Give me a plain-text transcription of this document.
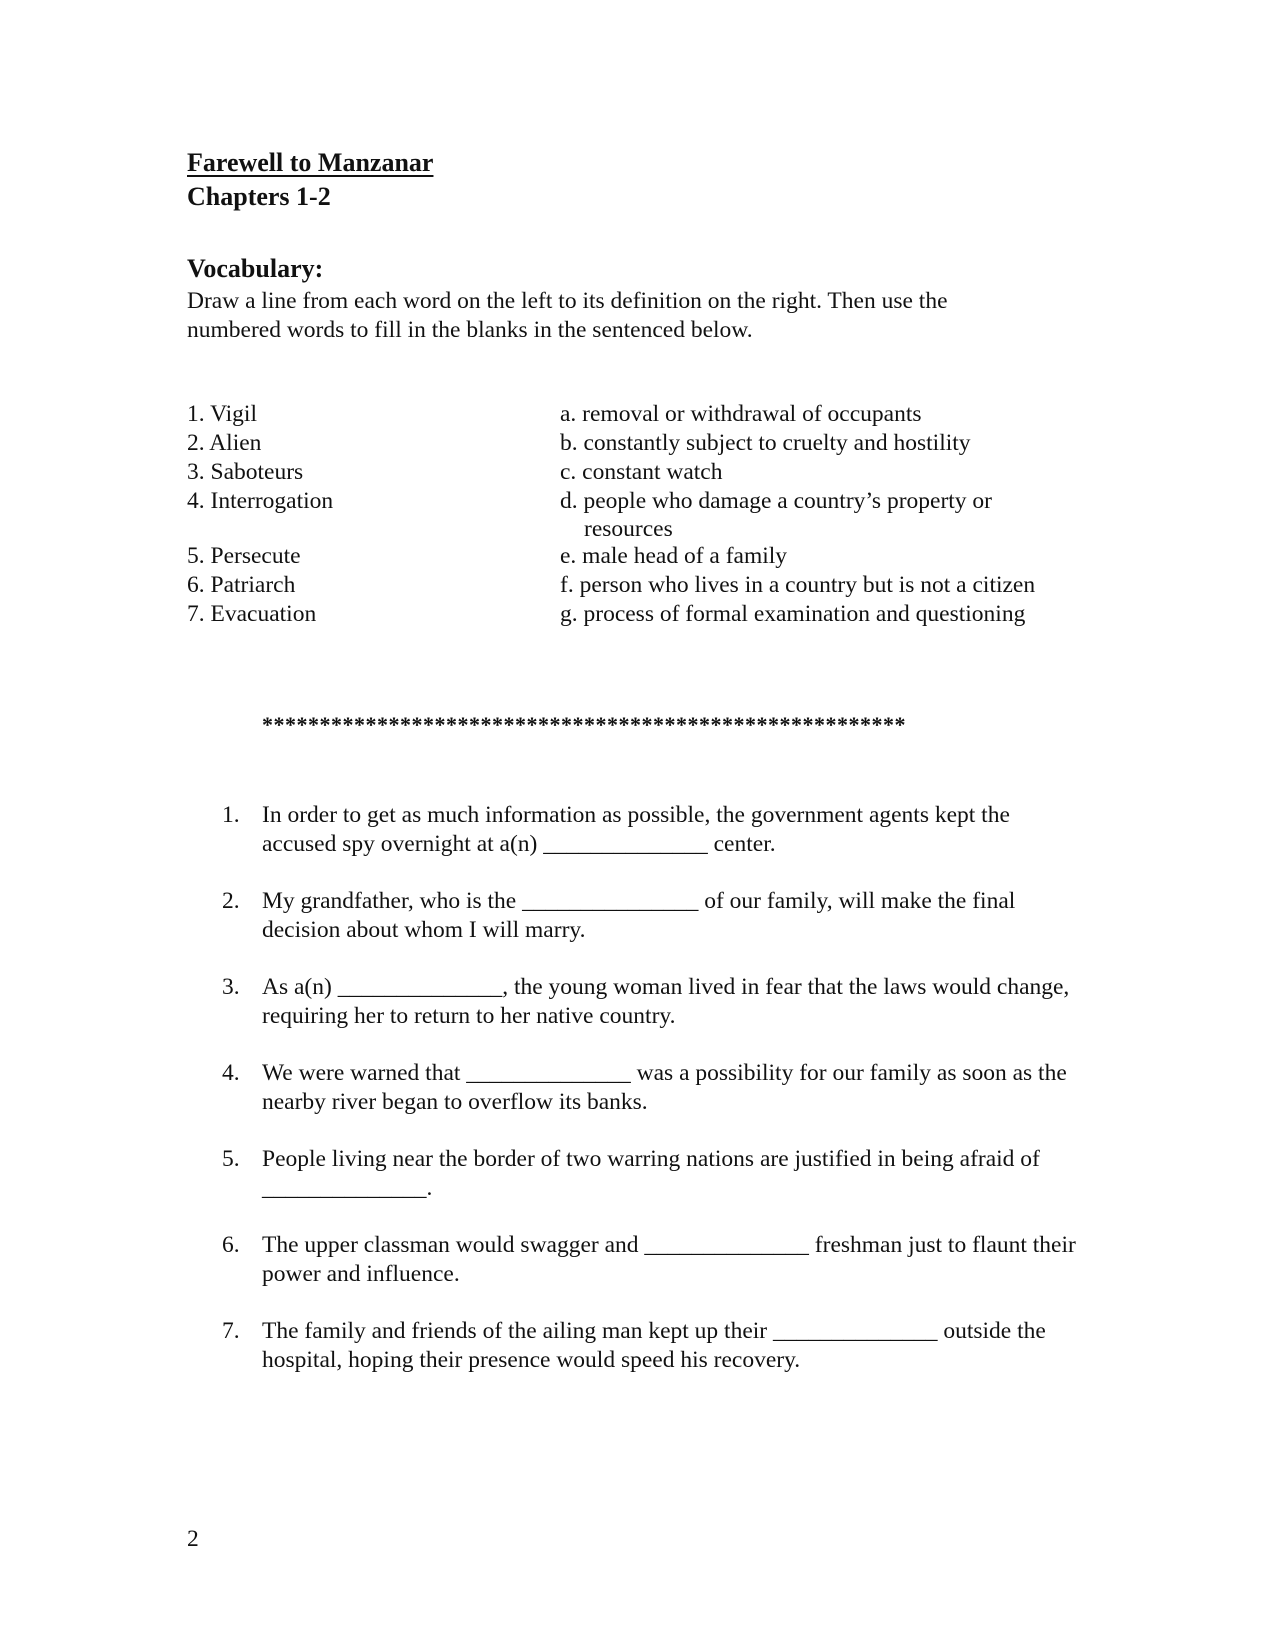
Farewell to Manzanar
Chapters 1-2
Vocabulary:
Draw a line from each word on the left to its definition on the right. Then use the numbered words to fill in the blanks in the sentenced below.
1. Vigil
2. Alien
3. Saboteurs
4. Interrogation
5. Persecute
6. Patriarch
7. Evacuation
a. removal or withdrawal of occupants
b. constantly subject to cruelty and hostility
c. constant watch
d. people who damage a country’s property or
resources
e. male head of a family
f. person who lives in a country but is not a citizen
g. process of formal examination and questioning
********************************************************
1. In order to get as much information as possible, the government agents kept the accused spy overnight at a(n) ______________ center.
2. My grandfather, who is the _______________ of our family, will make the final decision about whom I will marry.
3. As a(n) ______________, the young woman lived in fear that the laws would change, requiring her to return to her native country.
4. We were warned that ______________ was a possibility for our family as soon as the nearby river began to overflow its banks.
5. People living near the border of two warring nations are justified in being afraid of ______________.
6. The upper classman would swagger and ______________ freshman just to flaunt their power and influence.
7. The family and friends of the ailing man kept up their ______________ outside the hospital, hoping their presence would speed his recovery.
2
